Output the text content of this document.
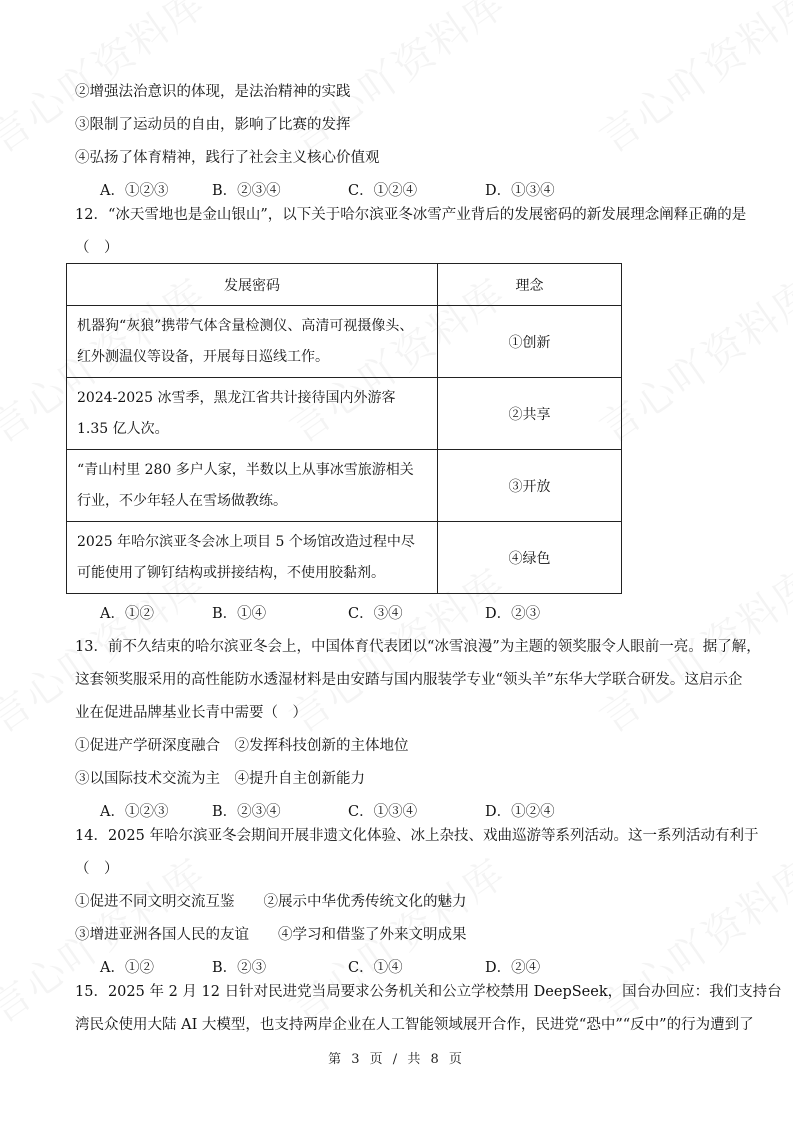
②增强法治意识的体现，是法治精神的实践
③限制了运动员的自由，影响了比赛的发挥
④弘扬了体育精神，践行了社会主义核心价值观
A．①②③	B．②③④	C．①②④	D．①③④
12．“冰天雪地也是金山银山”，以下关于哈尔滨亚冬冰雪产业背后的发展密码的新发展理念阐释正确的是
（　）
发展密码	理念
机器狗“灰狼”携带气体含量检测仪、高清可视摄像头、红外测温仪等设备，开展每日巡线工作。	①创新
2024-2025 冰雪季，黑龙江省共计接待国内外游客 1.35 亿人次。	②共享
“青山村里 280 多户人家，半数以上从事冰雪旅游相关行业，不少年轻人在雪场做教练。	③开放
2025 年哈尔滨亚冬会冰上项目 5 个场馆改造过程中尽可能使用了铆钉结构或拼接结构，不使用胶黏剂。	④绿色
A．①②	B．①④	C．③④	D．②③
13．前不久结束的哈尔滨亚冬会上，中国体育代表团以“冰雪浪漫”为主题的领奖服令人眼前一亮。据了解，
这套领奖服采用的高性能防水透湿材料是由安踏与国内服装学专业“领头羊”东华大学联合研发。这启示企
业在促进品牌基业长青中需要（　）
①促进产学研深度融合　②发挥科技创新的主体地位
③以国际技术交流为主　④提升自主创新能力
A．①②③	B．②③④	C．①③④	D．①②④
14．2025 年哈尔滨亚冬会期间开展非遗文化体验、冰上杂技、戏曲巡游等系列活动。这一系列活动有利于
（　）
①促进不同文明交流互鉴　　②展示中华优秀传统文化的魅力
③增进亚洲各国人民的友谊　　④学习和借鉴了外来文明成果
A．①②	B．②③	C．①④	D．②④
15．2025 年 2 月 12 日针对民进党当局要求公务机关和公立学校禁用 DeepSeek，国台办回应：我们支持台
湾民众使用大陆 AI 大模型，也支持两岸企业在人工智能领域展开合作，民进党“恐中”“反中”的行为遭到了
第 3 页 / 共 8 页
